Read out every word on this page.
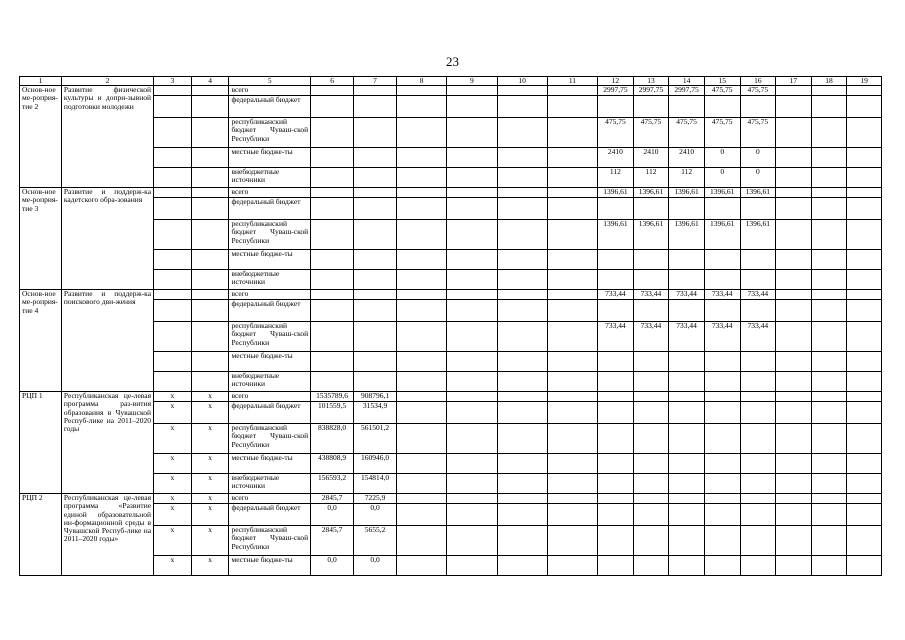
23
1	2	3	4	5	6	7	8	9	10	11	12	13	14	15	16	17	18	19
Основ-ное ме-роприя-тие 2	Развитие физической культуры и допри-зывной подготовки молодежи			всего							2997,75	2997,75	2997,75	475,75	475,75			
				федеральный бюджет														
				республиканский бюджет Чуваш-ской Республики							475,75	475,75	475,75	475,75	475,75			
				местные бюдже-ты							2410	2410	2410	0	0			
				внебюджетные источники							112	112	112	0	0			
Основ-ное ме-роприя-тие 3	Развитие и поддерж-ка кадетского обра-зования			всего							1396,61	1396,61	1396,61	1396,61	1396,61			
				федеральный бюджет														
				республиканский бюджет Чуваш-ской Республики							1396,61	1396,61	1396,61	1396,61	1396,61			
				местные бюдже-ты														
				внебюджетные источники														
Основ-ное ме-роприя-тие 4	Развитие и поддерж-ка поискового дви-жения			всего							733,44	733,44	733,44	733,44	733,44			
				федеральный бюджет														
				республиканский бюджет Чуваш-ской Республики							733,44	733,44	733,44	733,44	733,44			
				местные бюдже-ты														
				внебюджетные источники														
РЦП 1	Республиканская це-левая программа раз-вития образования в Чувашской Респуб-лике на 2011–2020 годы	х	х	всего	1535789,6	908796,1												
		х	х	федеральный бюджет	101559,5	31534,9												
		х	х	республиканский бюджет Чуваш-ской Республики	838828,0	561501,2												
		х	х	местные бюдже-ты	438808,9	160946,0												
		х	х	внебюджетные источники	156593,2	154814,0												
РЦП 2	Республиканская це-левая программа «Развитие единой образовательной ин-формационной среды в Чувашской Респуб-лике на 2011–2020 годы»	х	х	всего	2845,7	7225,9												
		х	х	федеральный бюджет	0,0	0,0												
		х	х	республиканский бюджет Чуваш-ской Республики	2845,7	5655,2												
		х	х	местные бюдже-ты	0,0	0,0												
